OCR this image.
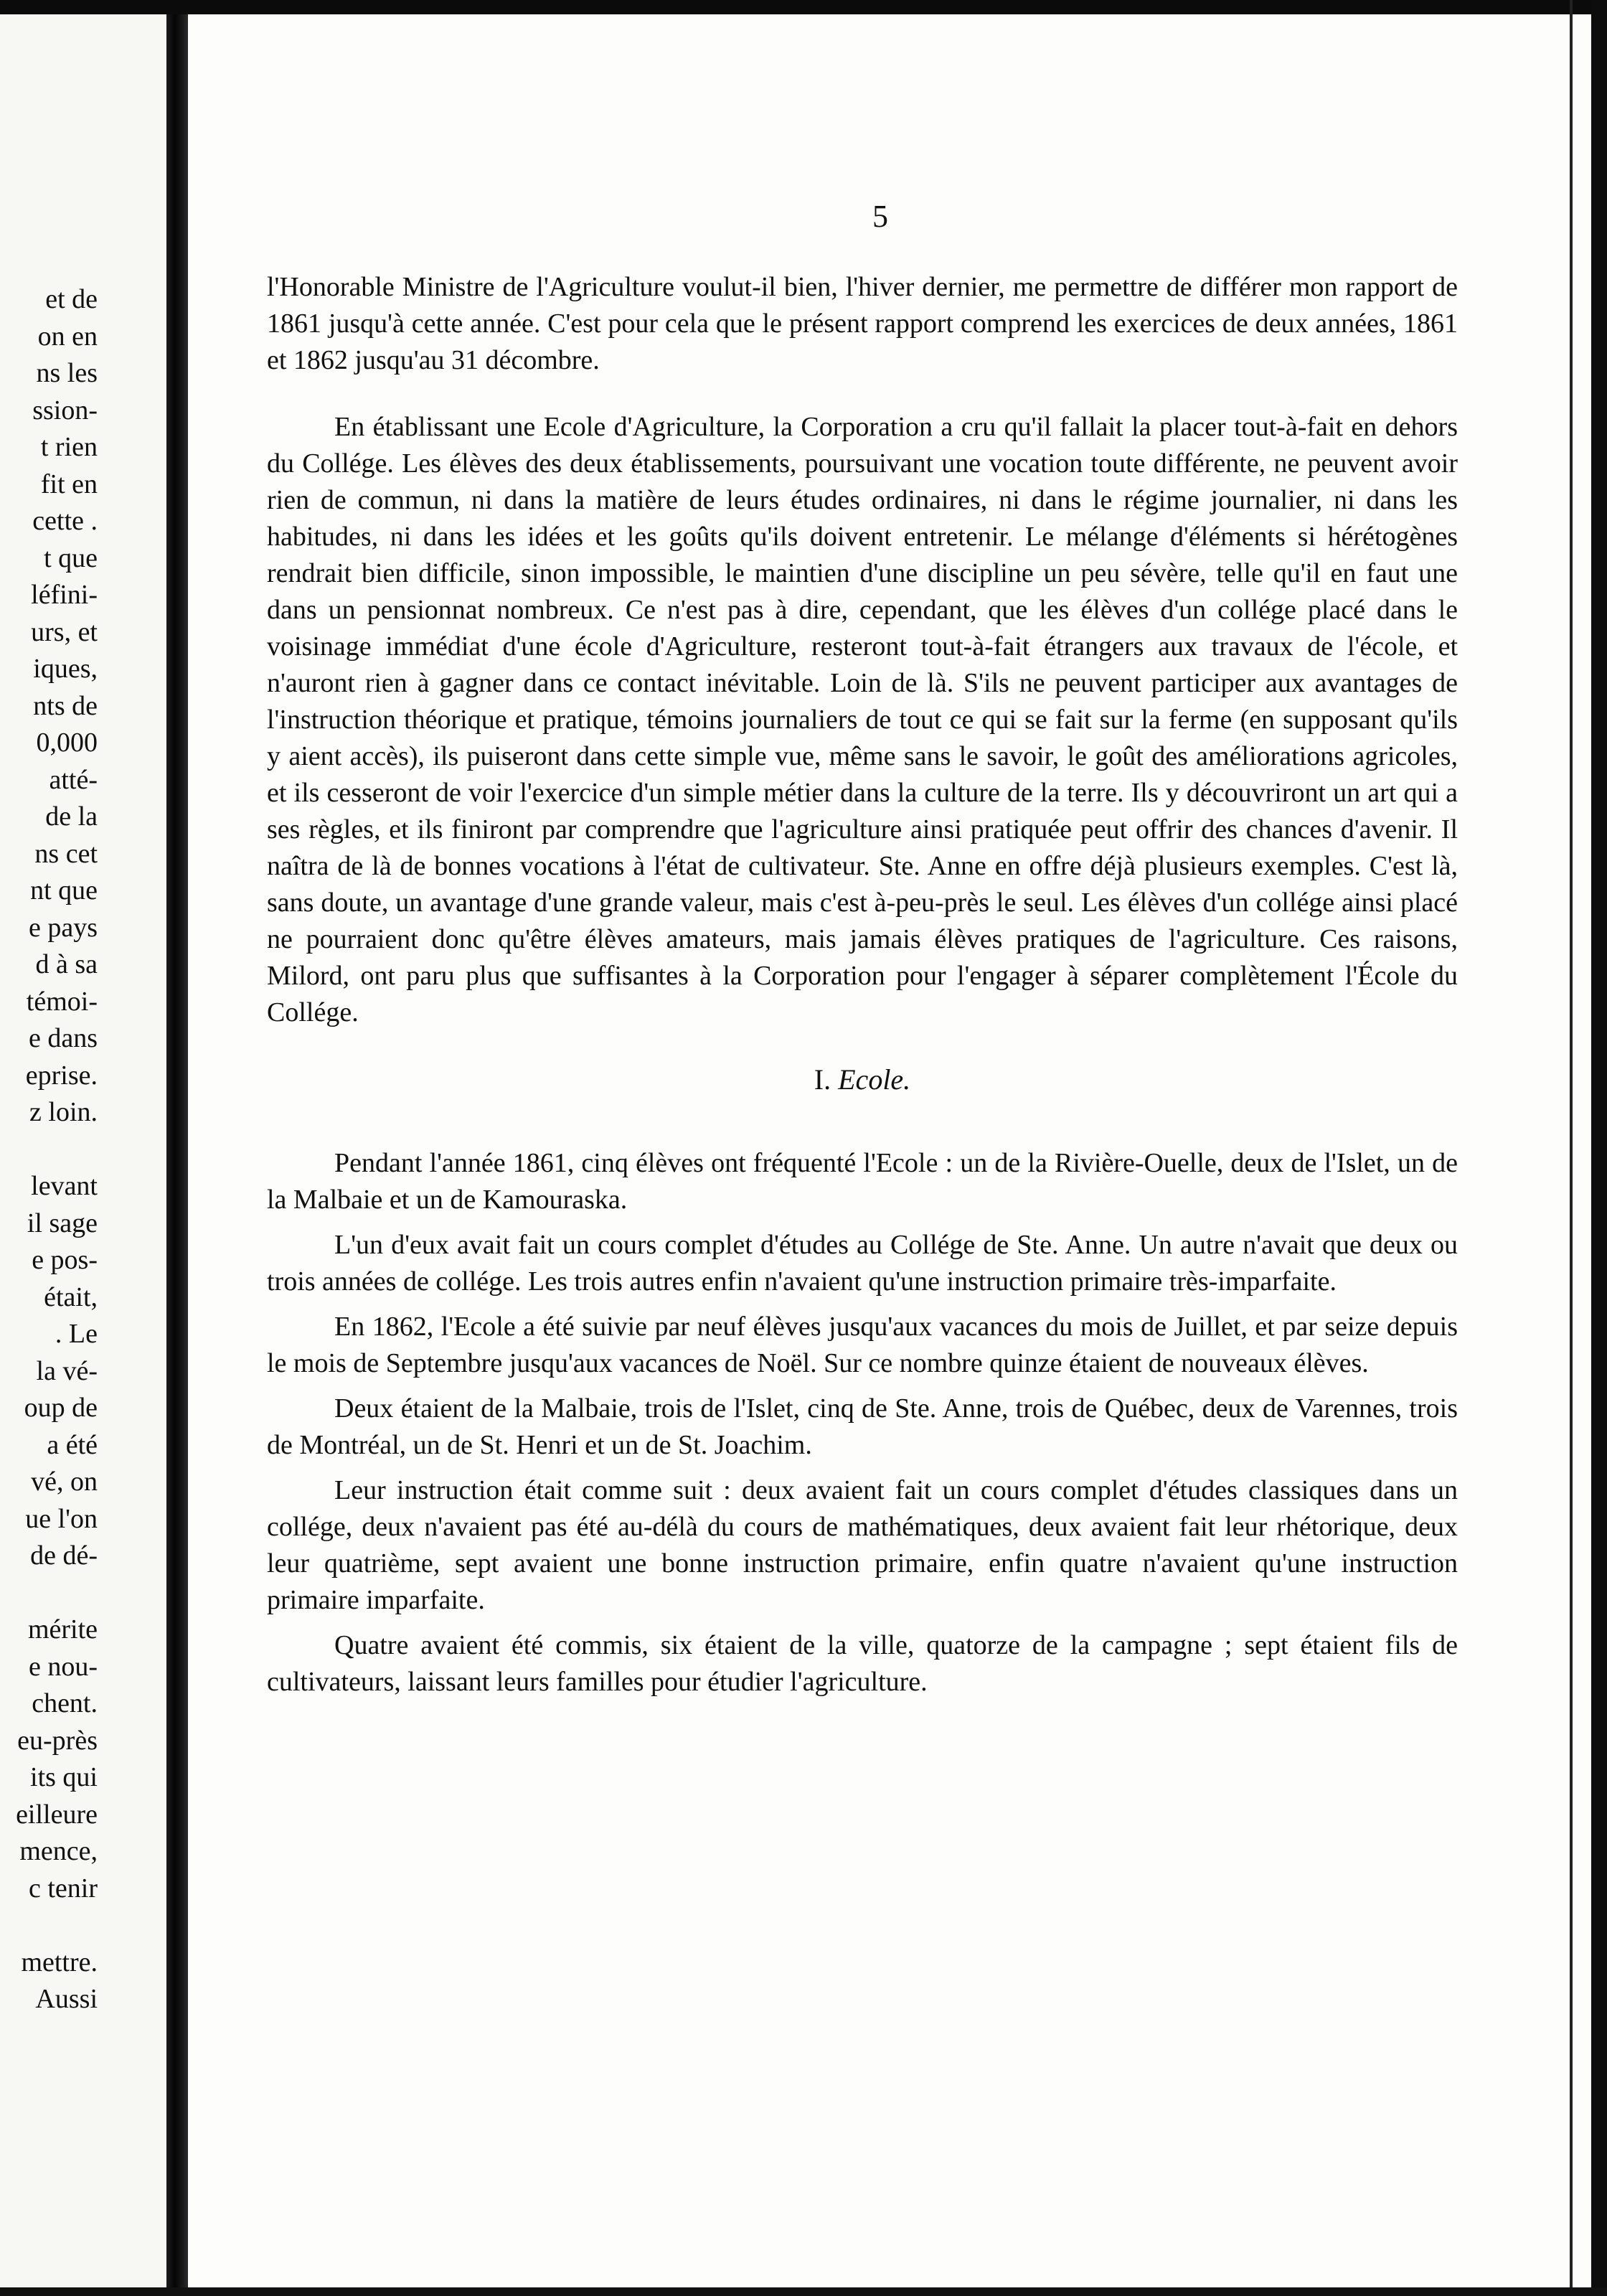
et de
on en
ns les
ssion-
t rien
fit en
cette .
t que
léfini-
urs, et
iques,
nts de
0,000
atté-
de la
ns cet
nt que
e pays
d à sa
témoi-
e dans
eprise.
z loin.

levant
il sage
e pos-
était,
. Le
la vé-
oup de
a été
vé, on
ue l'on
de dé-

mérite
e nou-
chent.
eu-près
its qui
eilleure
mence,
c tenir

mettre.
Aussi
5

l'Honorable Ministre de l'Agriculture voulut-il bien, l'hiver dernier, me permettre de différer mon rapport de 1861 jusqu'à cette année. C'est pour cela que le présent rapport comprend les exercices de deux années, 1861 et 1862 jusqu'au 31 décombre.

En établissant une Ecole d'Agriculture, la Corporation a cru qu'il fallait la placer tout-à-fait en dehors du Collége. Les élèves des deux établissements, poursuivant une vocation toute différente, ne peuvent avoir rien de commun, ni dans la matière de leurs études ordinaires, ni dans le régime journalier, ni dans les habitudes, ni dans les idées et les goûts qu'ils doivent entretenir. Le mélange d'éléments si hérétogènes rendrait bien difficile, sinon impossible, le maintien d'une discipline un peu sévère, telle qu'il en faut une dans un pensionnat nombreux. Ce n'est pas à dire, cependant, que les élèves d'un collége placé dans le voisinage immédiat d'une école d'Agriculture, resteront tout-à-fait étrangers aux travaux de l'école, et n'auront rien à gagner dans ce contact inévitable. Loin de là. S'ils ne peuvent participer aux avantages de l'instruction théorique et pratique, témoins journaliers de tout ce qui se fait sur la ferme (en supposant qu'ils y aient accès), ils puiseront dans cette simple vue, même sans le savoir, le goût des améliorations agricoles, et ils cesseront de voir l'exercice d'un simple métier dans la culture de la terre. Ils y découvriront un art qui a ses règles, et ils finiront par comprendre que l'agriculture ainsi pratiquée peut offrir des chances d'avenir. Il naîtra de là de bonnes vocations à l'état de cultivateur. Ste. Anne en offre déjà plusieurs exemples. C'est là, sans doute, un avantage d'une grande valeur, mais c'est à-peu-près le seul. Les élèves d'un collége ainsi placé ne pourraient donc qu'être élèves amateurs, mais jamais élèves pratiques de l'agriculture. Ces raisons, Milord, ont paru plus que suffisantes à la Corporation pour l'engager à séparer complètement l'École du Collége.

I. Ecole.

Pendant l'année 1861, cinq élèves ont fréquenté l'Ecole : un de la Rivière-Ouelle, deux de l'Islet, un de la Malbaie et un de Kamouraska.

L'un d'eux avait fait un cours complet d'études au Collége de Ste. Anne. Un autre n'avait que deux ou trois années de collége. Les trois autres enfin n'avaient qu'une instruction primaire très-imparfaite.

En 1862, l'Ecole a été suivie par neuf élèves jusqu'aux vacances du mois de Juillet, et par seize depuis le mois de Septembre jusqu'aux vacances de Noël. Sur ce nombre quinze étaient de nouveaux élèves.

Deux étaient de la Malbaie, trois de l'Islet, cinq de Ste. Anne, trois de Québec, deux de Varennes, trois de Montréal, un de St. Henri et un de St. Joachim.

Leur instruction était comme suit : deux avaient fait un cours complet d'études classiques dans un collége, deux n'avaient pas été au-délà du cours de mathématiques, deux avaient fait leur rhétorique, deux leur quatrième, sept avaient une bonne instruction primaire, enfin quatre n'avaient qu'une instruction primaire imparfaite.

Quatre avaient été commis, six étaient de la ville, quatorze de la campagne ; sept étaient fils de cultivateurs, laissant leurs familles pour étudier l'agriculture.
